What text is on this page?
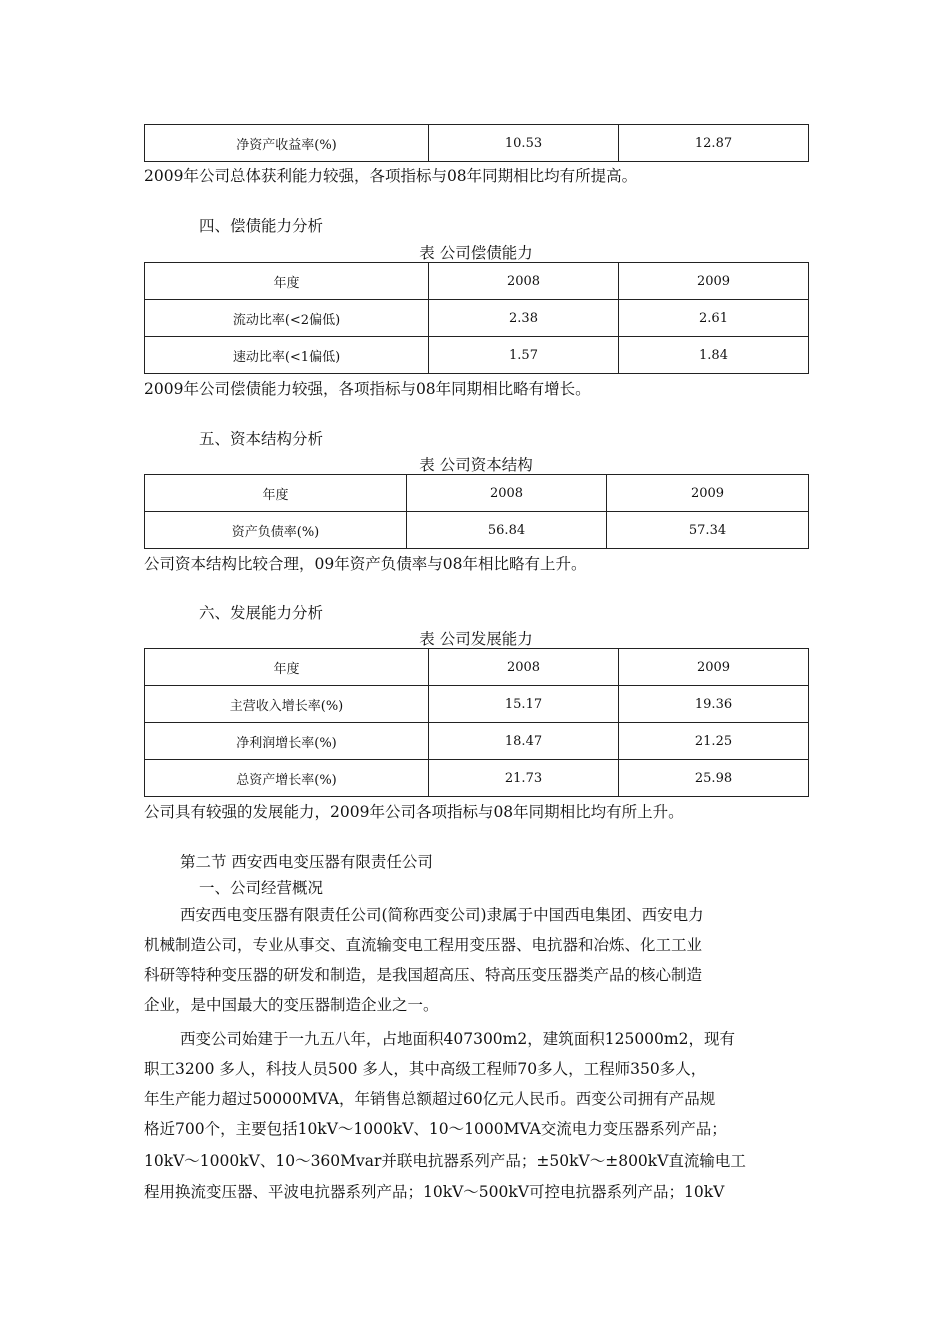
净资产收益率(%)	10.53	12.87
2009年公司总体获利能力较强，各项指标与08年同期相比均有所提高。
四、偿债能力分析
表 公司偿债能力
年度	2008	2009
流动比率(<2偏低)	2.38	2.61
速动比率(<1偏低)	1.57	1.84
2009年公司偿债能力较强，各项指标与08年同期相比略有增长。
五、资本结构分析
表 公司资本结构
年度	2008	2009
资产负债率(%)	56.84	57.34
公司资本结构比较合理，09年资产负债率与08年相比略有上升。
六、发展能力分析
表 公司发展能力
年度	2008	2009
主营收入增长率(%)	15.17	19.36
净利润增长率(%)	18.47	21.25
总资产增长率(%)	21.73	25.98
公司具有较强的发展能力，2009年公司各项指标与08年同期相比均有所上升。
第二节 西安西电变压器有限责任公司
一、公司经营概况
西安西电变压器有限责任公司(简称西变公司)隶属于中国西电集团、西安电力
机械制造公司，专业从事交、直流输变电工程用变压器、电抗器和冶炼、化工工业
科研等特种变压器的研发和制造，是我国超高压、特高压变压器类产品的核心制造
企业，是中国最大的变压器制造企业之一。
西变公司始建于一九五八年，占地面积407300m2，建筑面积125000m2，现有
职工3200 多人，科技人员500 多人，其中高级工程师70多人，工程师350多人，
年生产能力超过50000MVA，年销售总额超过60亿元人民币。西变公司拥有产品规
格近700个，主要包括10kV～1000kV、10～1000MVA交流电力变压器系列产品；
10kV～1000kV、10～360Mvar并联电抗器系列产品；±50kV～±800kV直流输电工
程用换流变压器、平波电抗器系列产品；10kV～500kV可控电抗器系列产品；10kV
